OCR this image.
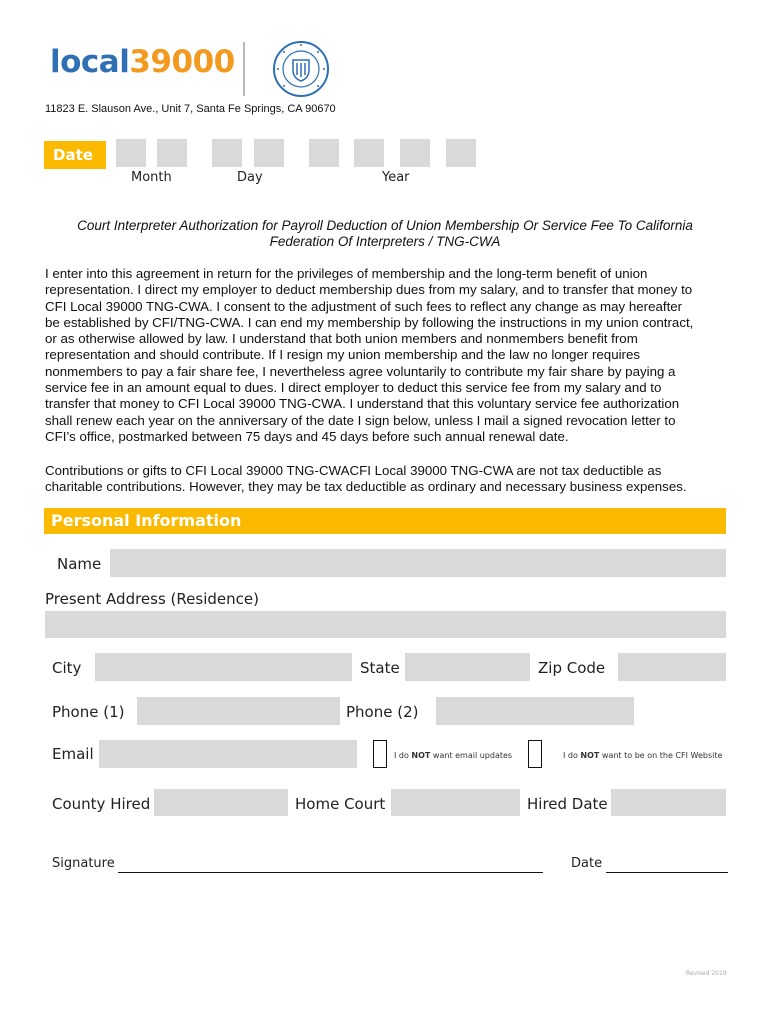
local39000
11823 E. Slauson Ave., Unit 7, Santa Fe Springs, CA 90670
Date
Month	Day	Year
Court Interpreter Authorization for Payroll Deduction of Union Membership Or Service Fee To California
Federation Of Interpreters / TNG-CWA

I enter into this agreement in return for the privileges of membership and the long-term benefit of union

representation. I direct my employer to deduct membership dues from my salary, and to transfer that money to

CFI Local 39000 TNG-CWA. I consent to the adjustment of such fees to reflect any change as may hereafter

be established by CFI/TNG-CWA. I can end my membership by following the instructions in my union contract,

or as otherwise allowed by law. I understand that both union members and nonmembers benefit from

representation and should contribute. If I resign my union membership and the law no longer requires

nonmembers to pay a fair share fee, I nevertheless agree voluntarily to contribute my fair share by paying a

service fee in an amount equal to dues. I direct employer to deduct this service fee from my salary and to

transfer that money to CFI Local 39000 TNG-CWA. I understand that this voluntary service fee authorization

shall renew each year on the anniversary of the date I sign below, unless I mail a signed revocation letter to

CFI’s office, postmarked between 75 days and 45 days before such annual renewal date.

Contributions or gifts to CFI Local 39000 TNG-CWACFI Local 39000 TNG-CWA are not tax deductible as

charitable contributions. However, they may be tax deductible as ordinary and necessary business expenses.

Personal Information
Name
Present Address (Residence)
City	State	Zip Code
Phone (1)	Phone (2)
Email	I do NOT want email updates	I do NOT want to be on the CFI Website
County Hired	Home Court	Hired Date
Signature	Date
Revised 2019
